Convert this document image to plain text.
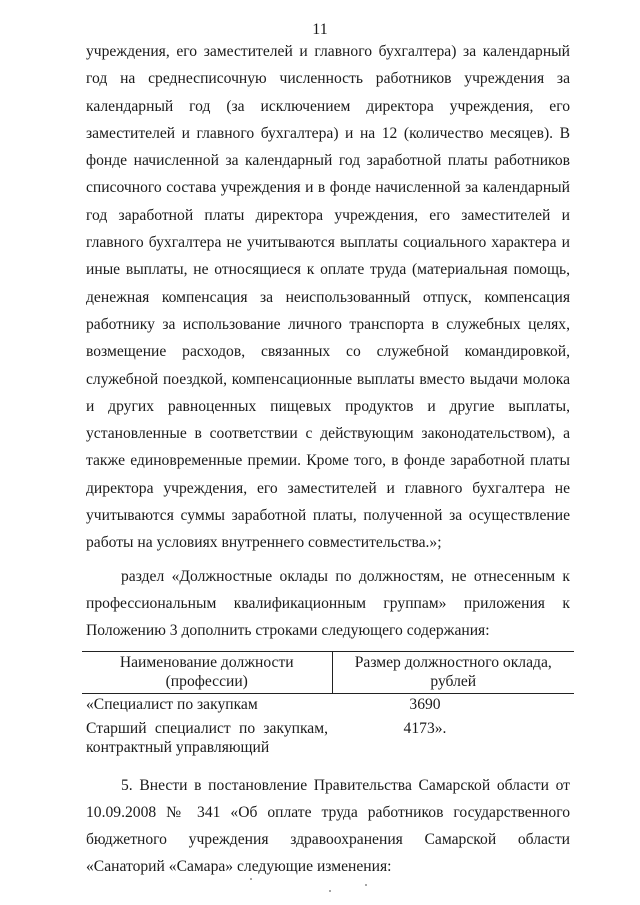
11

учреждения, его заместителей и главного бухгалтера) за календарный год на среднесписочную численность работников учреждения за календарный год (за исключением директора учреждения, его заместителей и главного бухгалтера) и на 12 (количество месяцев). В фонде начисленной за календарный год заработной платы работников списочного состава учреждения и в фонде начисленной за календарный год заработной платы директора учреждения, его заместителей и главного бухгалтера не учитываются выплаты социального характера и иные выплаты, не относящиеся к оплате труда (материальная помощь, денежная компенсация за неиспользованный отпуск, компенсация работнику за использование личного транспорта в служебных целях, возмещение расходов, связанных со служебной командировкой, служебной поездкой, компенсационные выплаты вместо выдачи молока и других равноценных пищевых продуктов и другие выплаты, установленные в соответствии с действующим законодательством), а также единовременные премии. Кроме того, в фонде заработной платы директора учреждения, его заместителей и главного бухгалтера не учитываются суммы заработной платы, полученной за осуществление работы на условиях внутреннего совместительства.»;

раздел «Должностные оклады по должностям, не отнесенным к профессиональным квалификационным группам» приложения к Положению 3 дополнить строками следующего содержания:

Наименование должности (профессии)	Размер должностного оклада, рублей
«Специалист по закупкам	3690
Старший специалист по закупкам, контрактный управляющий	4173».

5. Внести в постановление Правительства Самарской области от 10.09.2008 № 341 «Об оплате труда работников государственного бюджетного учреждения здравоохранения Самарской области «Санаторий «Самара» следующие изменения:
